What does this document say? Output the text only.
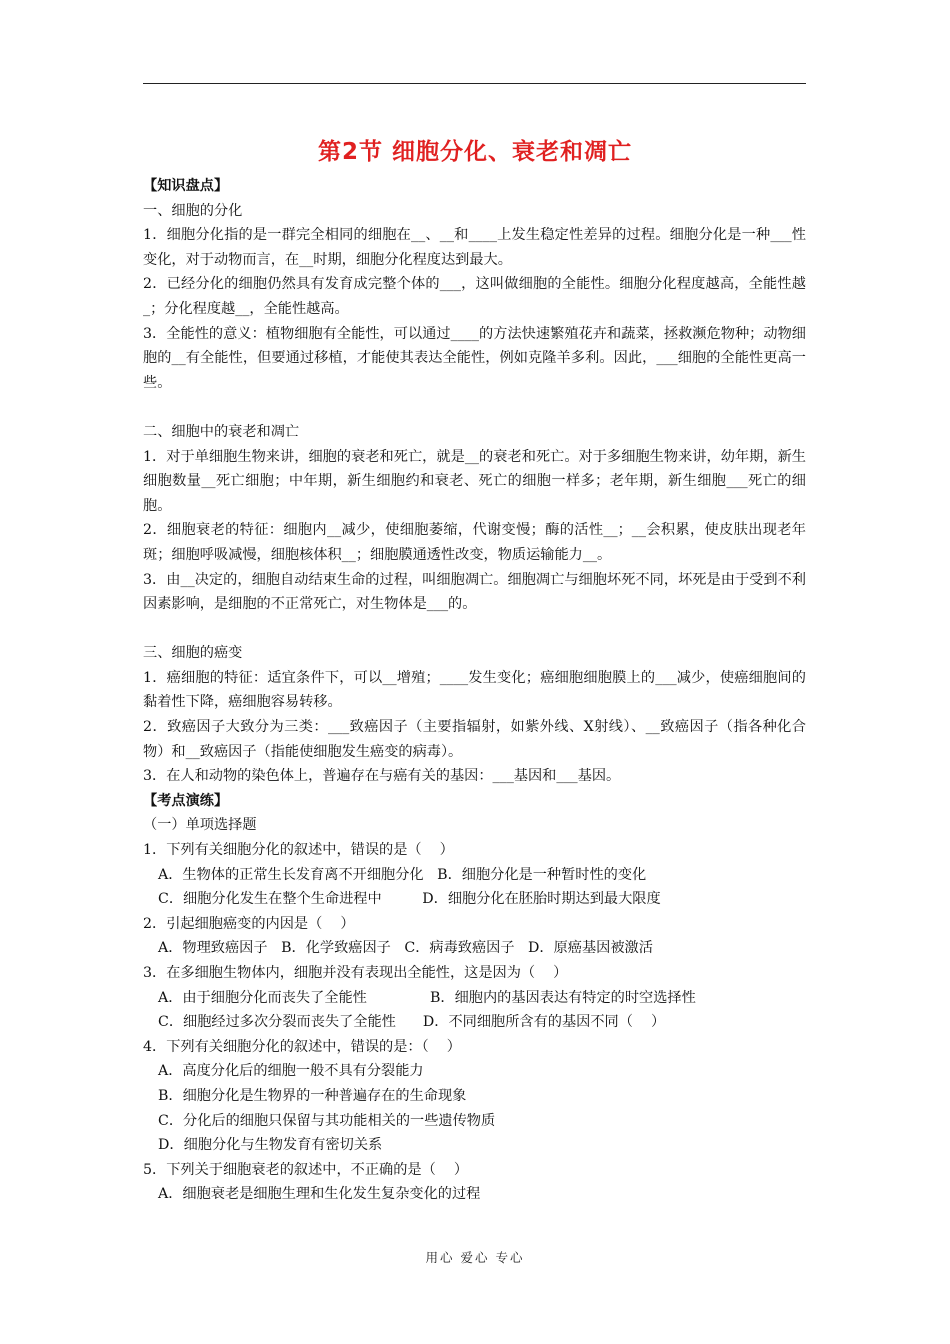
第2节 细胞分化、衰老和凋亡

【知识盘点】

一、细胞的分化

1．细胞分化指的是一群完全相同的细胞在__、__和____上发生稳定性差异的过程。细胞分化是一种___性变化，对于动物而言，在__时期，细胞分化程度达到最大。

2．已经分化的细胞仍然具有发育成完整个体的___，这叫做细胞的全能性。细胞分化程度越高，全能性越_；分化程度越__，全能性越高。

3．全能性的意义：植物细胞有全能性，可以通过____的方法快速繁殖花卉和蔬菜，拯救濒危物种；动物细胞的__有全能性，但要通过移植，才能使其表达全能性，例如克隆羊多利。因此，___细胞的全能性更高一些。

二、细胞中的衰老和凋亡

1．对于单细胞生物来讲，细胞的衰老和死亡，就是__的衰老和死亡。对于多细胞生物来讲，幼年期，新生细胞数量__死亡细胞；中年期，新生细胞约和衰老、死亡的细胞一样多；老年期，新生细胞___死亡的细胞。

2．细胞衰老的特征：细胞内__减少，使细胞萎缩，代谢变慢；酶的活性__；__会积累，使皮肤出现老年斑；细胞呼吸减慢，细胞核体积__；细胞膜通透性改变，物质运输能力__。

3．由__决定的，细胞自动结束生命的过程，叫细胞凋亡。细胞凋亡与细胞坏死不同，坏死是由于受到不利因素影响，是细胞的不正常死亡，对生物体是___的。

三、细胞的癌变

1．癌细胞的特征：适宜条件下，可以__增殖；____发生变化；癌细胞细胞膜上的___减少，使癌细胞间的黏着性下降，癌细胞容易转移。

2．致癌因子大致分为三类：___致癌因子（主要指辐射，如紫外线、X射线）、__致癌因子（指各种化合物）和__致癌因子（指能使细胞发生癌变的病毒）。

3．在人和动物的染色体上，普遍存在与癌有关的基因：___基因和___基因。

【考点演练】

（一）单项选择题

1．下列有关细胞分化的叙述中，错误的是（    ）

A．生物体的正常生长发育离不开细胞分化   B．细胞分化是一种暂时性的变化

C．细胞分化发生在整个生命进程中         D．细胞分化在胚胎时期达到最大限度

2．引起细胞癌变的内因是（    ）

A．物理致癌因子   B．化学致癌因子   C．病毒致癌因子   D．原癌基因被激活

3．在多细胞生物体内，细胞并没有表现出全能性，这是因为（    ）

A．由于细胞分化而丧失了全能性              B．细胞内的基因表达有特定的时空选择性

C．细胞经过多次分裂而丧失了全能性      D．不同细胞所含有的基因不同（    ）

4．下列有关细胞分化的叙述中，错误的是：（    ）

A．高度分化后的细胞一般不具有分裂能力

B．细胞分化是生物界的一种普遍存在的生命现象

C．分化后的细胞只保留与其功能相关的一些遗传物质

D．细胞分化与生物发育有密切关系

5．下列关于细胞衰老的叙述中，不正确的是（    ）

A．细胞衰老是细胞生理和生化发生复杂变化的过程

用心 爱心 专心
